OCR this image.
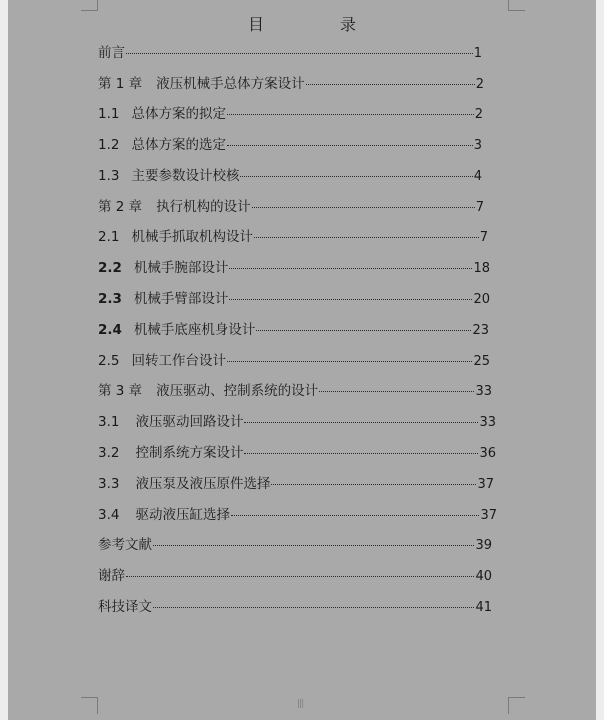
|||
目　录
前言	1
第 1 章 液压机械手总体方案设计	2
1.1 总体方案的拟定	2
1.2 总体方案的选定	3
1.3 主要参数设计校核	4
第 2 章 执行机构的设计	7
2.1 机械手抓取机构设计	7
2.2 机械手腕部设计	18
2.3 机械手臂部设计	20
2.4 机械手底座机身设计	23
2.5 回转工作台设计	25
第 3 章 液压驱动、控制系统的设计	33
3.1 液压驱动回路设计	33
3.2 控制系统方案设计	36
3.3 液压泵及液压原件选择	37
3.4 驱动液压缸选择	37
参考文献	39
谢辞	40
科技译文	41
